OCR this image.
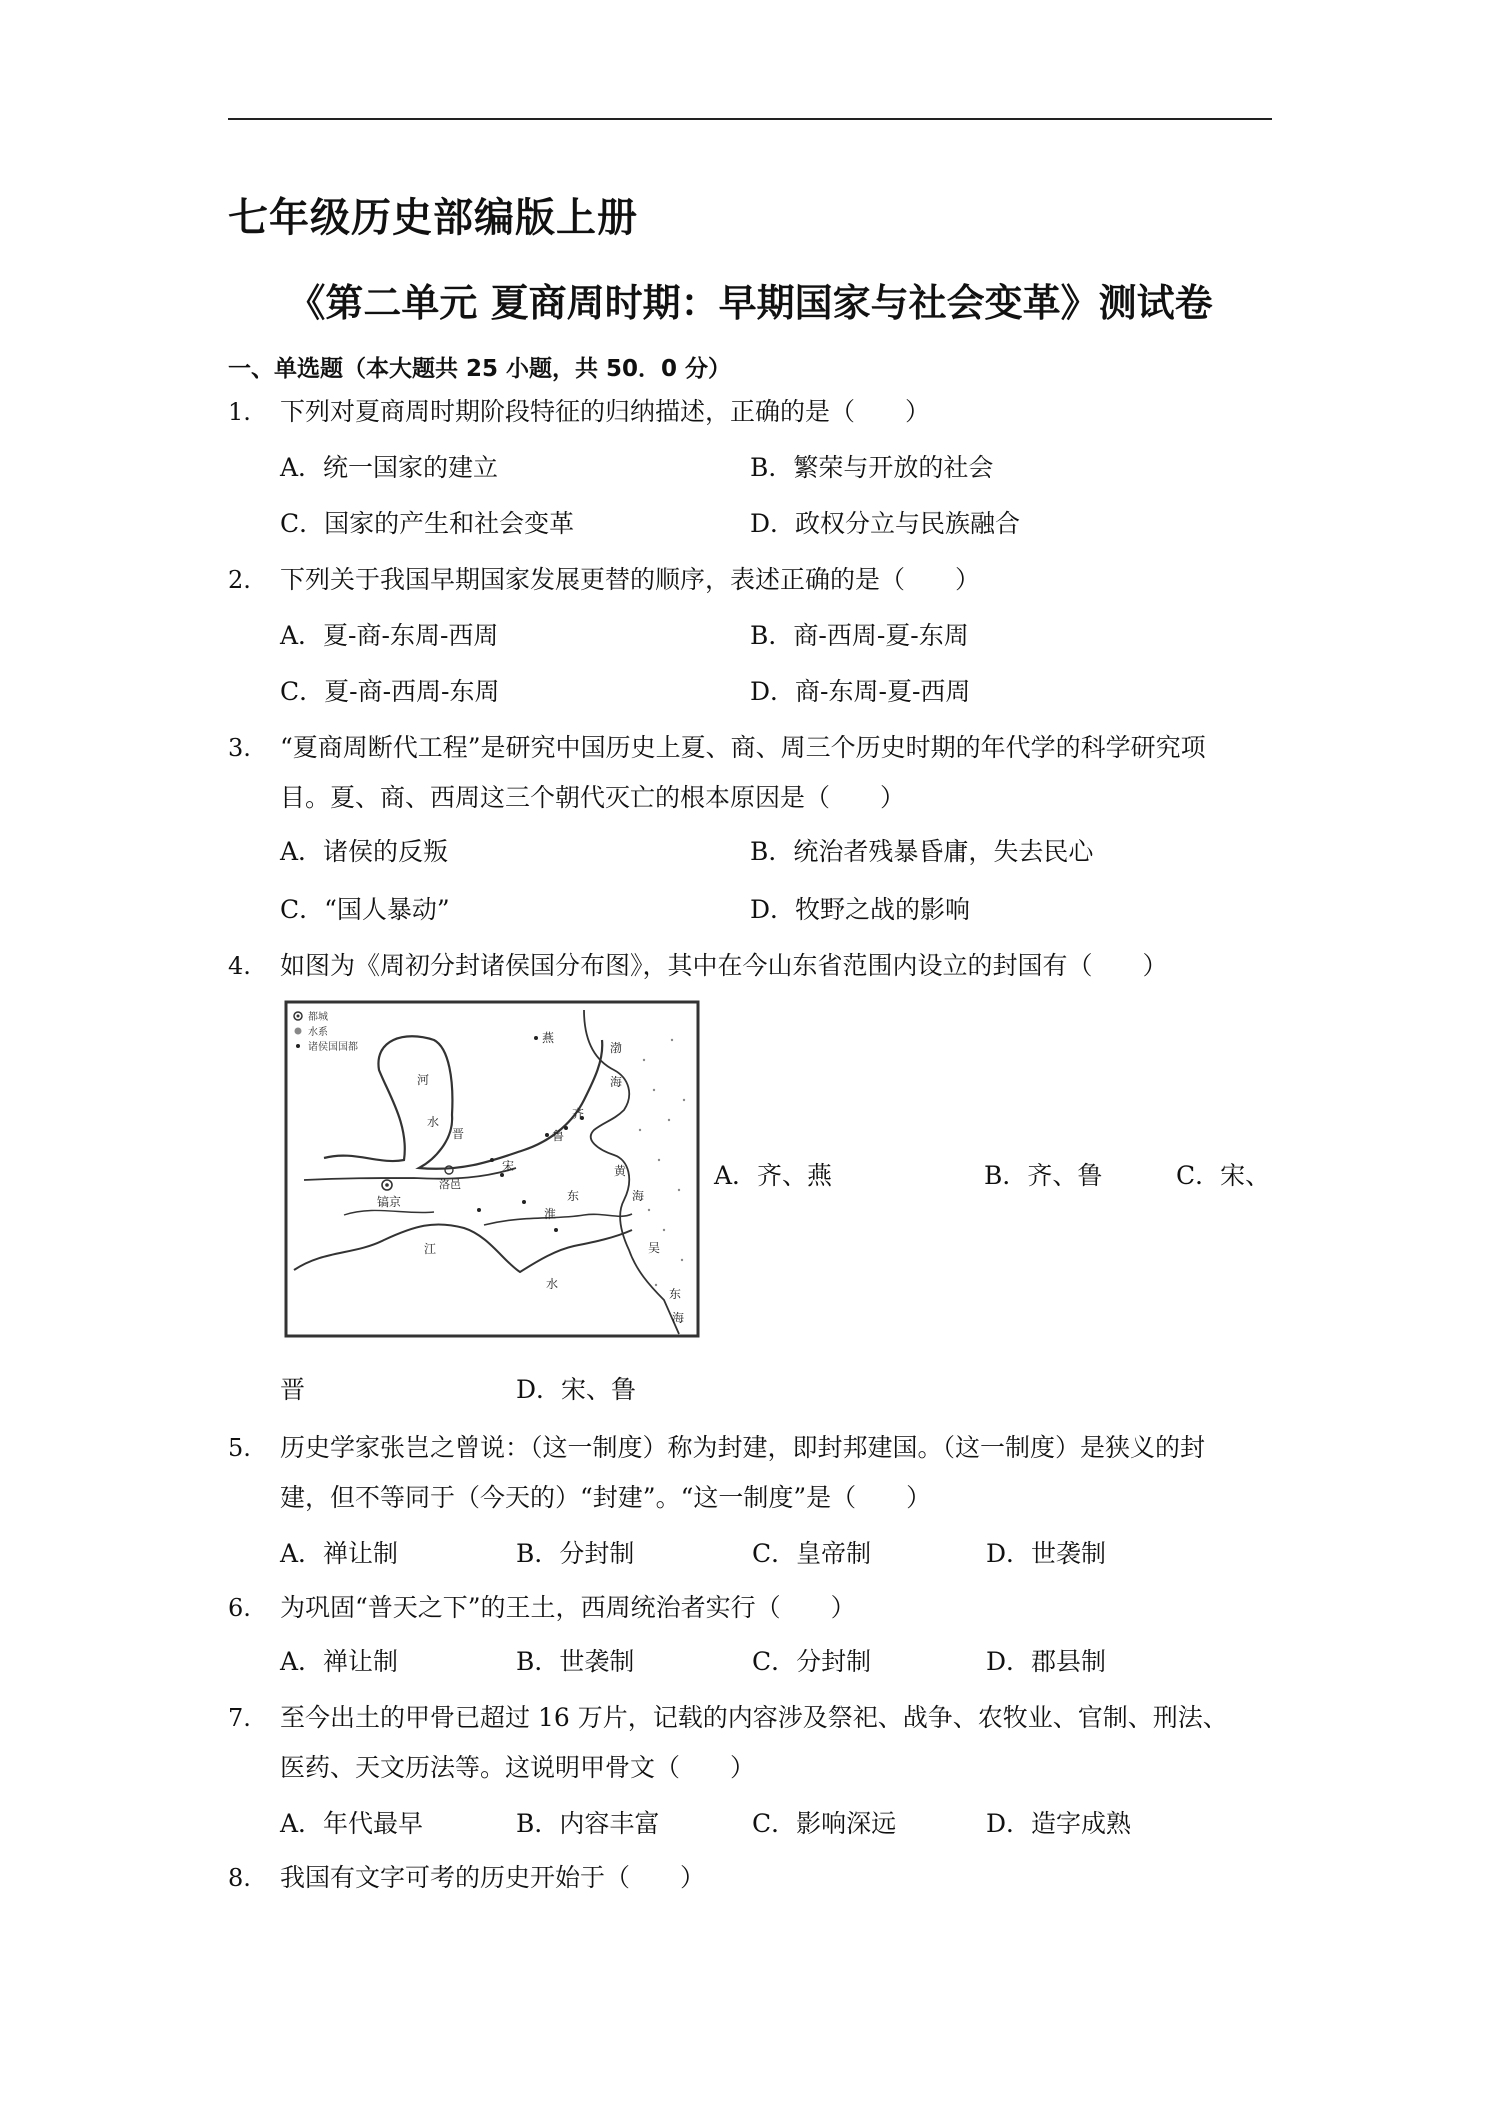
七年级历史部编版上册
《第二单元 夏商周时期：早期国家与社会变革》测试卷
一、单选题（本大题共 25 小题，共 50．0 分）
1. 下列对夏商周时期阶段特征的归纳描述，正确的是（　　）
A．统一国家的建立	B．繁荣与开放的社会
C．国家的产生和社会变革	D．政权分立与民族融合
2. 下列关于我国早期国家发展更替的顺序，表述正确的是（　　）
A．夏-商-东周-西周	B．商-西周-夏-东周
C．夏-商-西周-东周	D．商-东周-夏-西周
3. “夏商周断代工程”是研究中国历史上夏、商、周三个历史时期的年代学的科学研究项
目。夏、商、西周这三个朝代灭亡的根本原因是（　　）
A．诸侯的反叛	B．统治者残暴昏庸，失去民心
C．“国人暴动”	D．牧野之战的影响
4. 如图为《周初分封诸侯国分布图》，其中在今山东省范围内设立的封国有（　　）
都城
水系
诸侯国国都
燕
渤
海
河
齐
水
晋	鲁
洛邑
宋
镐京
黄
海
东
淮
江
水
吴
东
海
A．齐、燕	B．齐、鲁	C．宋、
晋	D．宋、鲁
5. 历史学家张岂之曾说：（这一制度）称为封建，即封邦建国。（这一制度）是狭义的封
建，但不等同于（今天的）“封建”。“这一制度”是（　　）
A．禅让制	B．分封制	C．皇帝制	D．世袭制
6. 为巩固“普天之下”的王土，西周统治者实行（　　）
A．禅让制	B．世袭制	C．分封制	D．郡县制
7. 至今出土的甲骨已超过 16 万片，记载的内容涉及祭祀、战争、农牧业、官制、刑法、
医药、天文历法等。这说明甲骨文（　　）
A．年代最早	B．内容丰富	C．影响深远	D．造字成熟
8. 我国有文字可考的历史开始于（　　）
